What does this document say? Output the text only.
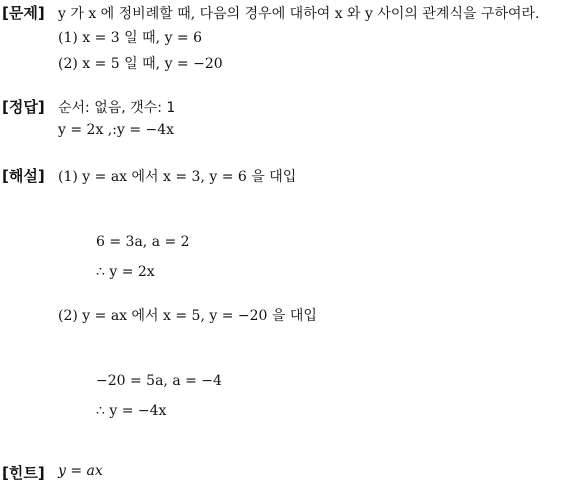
[문제] y 가 x 에 정비례할 때, 다음의 경우에 대하여 x 와 y 사이의 관계식을 구하여라.
(1) x = 3 일 때, y = 6
(2) x = 5 일 때, y = −20
[정답] 순서: 없음, 갯수: 1
y = 2x ,:y = −4x
[해설] (1) y = ax 에서 x = 3, y = 6 을 대입
6 = 3a, a = 2
∴ y = 2x
(2) y = ax 에서 x = 5, y = −20 을 대입
−20 = 5a, a = −4
∴ y = −4x
[힌트] y = ax
